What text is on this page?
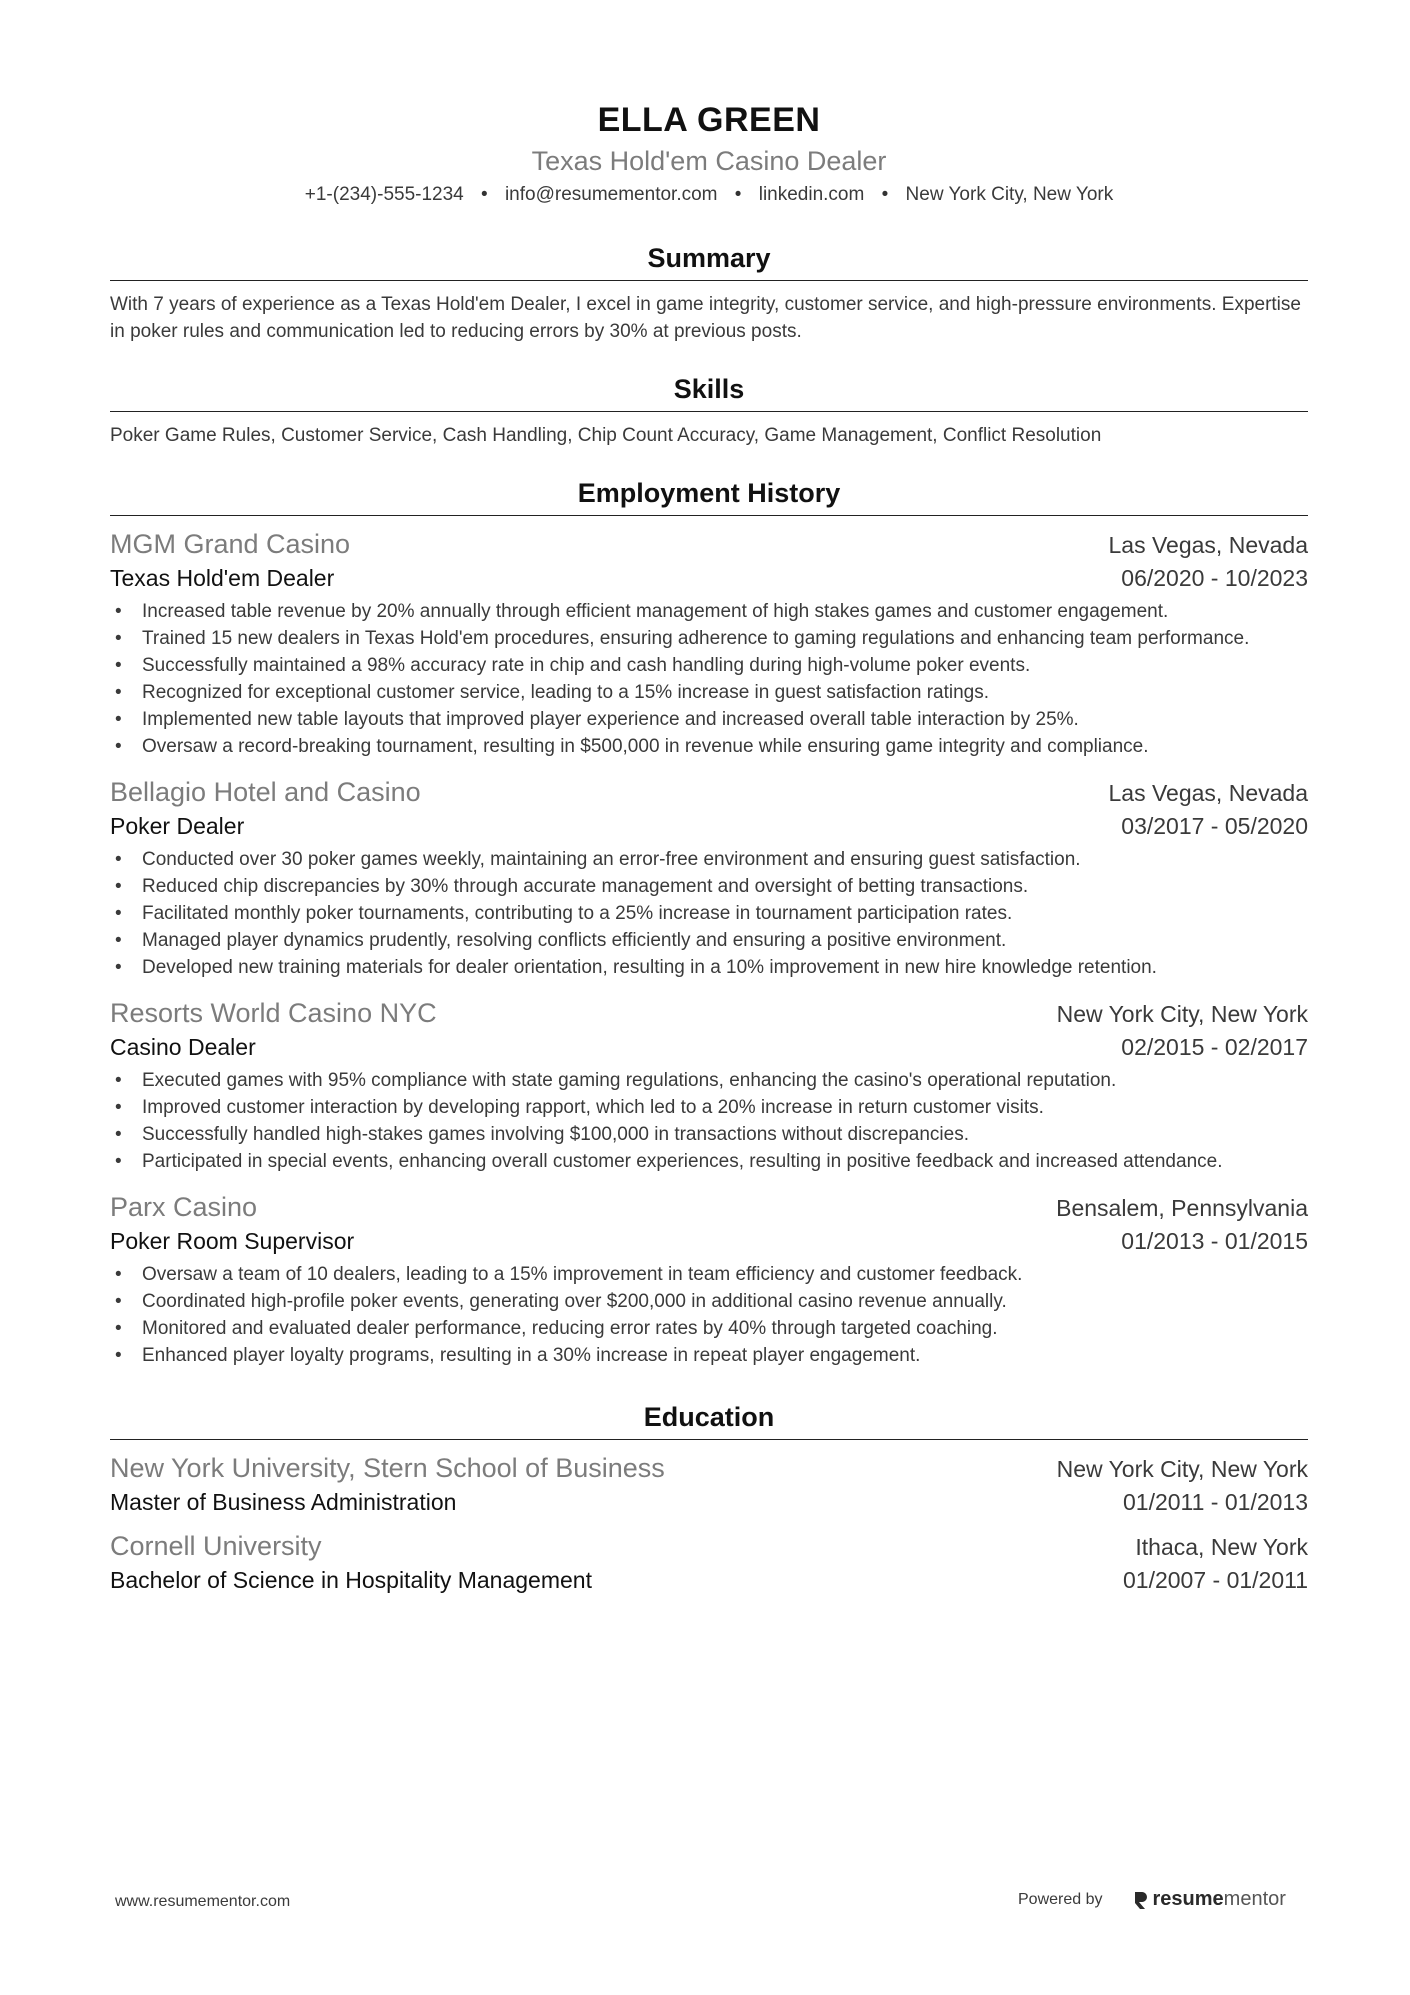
ELLA GREEN
Texas Hold'em Casino Dealer
+1-(234)-555-1234 • info@resumementor.com • linkedin.com • New York City, New York
Summary

With 7 years of experience as a Texas Hold'em Dealer, I excel in game integrity, customer service, and high-pressure environments. Expertise in poker rules and communication led to reducing errors by 30% at previous posts.

Skills

Poker Game Rules, Customer Service, Cash Handling, Chip Count Accuracy, Game Management, Conflict Resolution

Employment History
MGM Grand Casino	Las Vegas, Nevada
Texas Hold'em Dealer	06/2020 - 10/2023
• Increased table revenue by 20% annually through efficient management of high stakes games and customer engagement.
• Trained 15 new dealers in Texas Hold'em procedures, ensuring adherence to gaming regulations and enhancing team performance.
• Successfully maintained a 98% accuracy rate in chip and cash handling during high-volume poker events.
• Recognized for exceptional customer service, leading to a 15% increase in guest satisfaction ratings.
• Implemented new table layouts that improved player experience and increased overall table interaction by 25%.
• Oversaw a record-breaking tournament, resulting in $500,000 in revenue while ensuring game integrity and compliance.
Bellagio Hotel and Casino	Las Vegas, Nevada
Poker Dealer	03/2017 - 05/2020
• Conducted over 30 poker games weekly, maintaining an error-free environment and ensuring guest satisfaction.
• Reduced chip discrepancies by 30% through accurate management and oversight of betting transactions.
• Facilitated monthly poker tournaments, contributing to a 25% increase in tournament participation rates.
• Managed player dynamics prudently, resolving conflicts efficiently and ensuring a positive environment.
• Developed new training materials for dealer orientation, resulting in a 10% improvement in new hire knowledge retention.
Resorts World Casino NYC	New York City, New York
Casino Dealer	02/2015 - 02/2017
• Executed games with 95% compliance with state gaming regulations, enhancing the casino's operational reputation.
• Improved customer interaction by developing rapport, which led to a 20% increase in return customer visits.
• Successfully handled high-stakes games involving $100,000 in transactions without discrepancies.
• Participated in special events, enhancing overall customer experiences, resulting in positive feedback and increased attendance.
Parx Casino	Bensalem, Pennsylvania
Poker Room Supervisor	01/2013 - 01/2015
• Oversaw a team of 10 dealers, leading to a 15% improvement in team efficiency and customer feedback.
• Coordinated high-profile poker events, generating over $200,000 in additional casino revenue annually.
• Monitored and evaluated dealer performance, reducing error rates by 40% through targeted coaching.
• Enhanced player loyalty programs, resulting in a 30% increase in repeat player engagement.
Education
New York University, Stern School of Business	New York City, New York
Master of Business Administration	01/2011 - 01/2013
Cornell University	Ithaca, New York
Bachelor of Science in Hospitality Management	01/2007 - 01/2011
www.resumementor.com	Powered by	resume mentor
